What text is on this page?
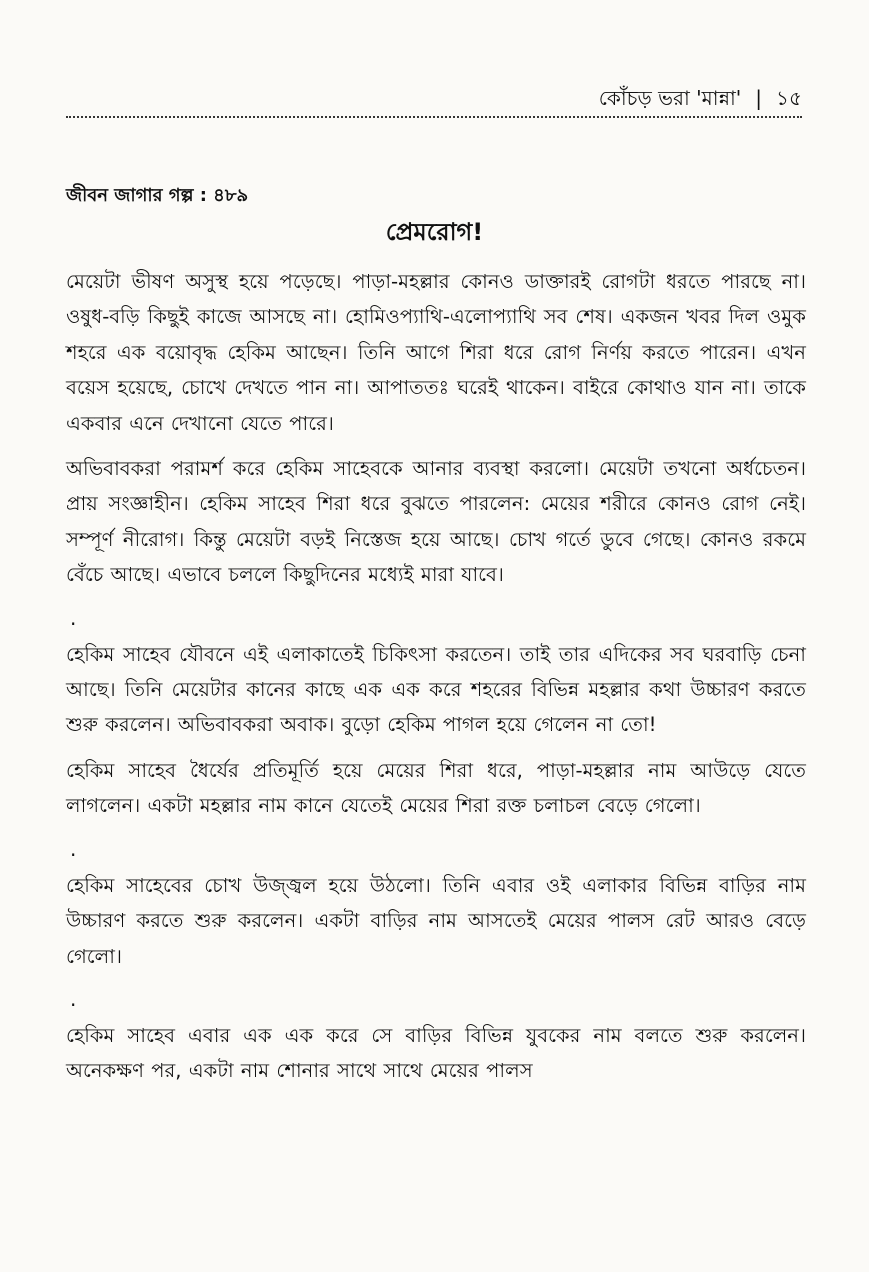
কোঁচড় ভরা 'মান্না' | ১৫
জীবন জাগার গল্প : ৪৮৯
প্রেমরোগ!

মেয়েটা ভীষণ অসুস্থ হয়ে পড়েছে। পাড়া-মহল্লার কোনও ডাক্তারই রোগটা ধরতে পারছে না। ওষুধ-বড়ি কিছুই কাজে আসছে না। হোমিওপ্যাথি-এলোপ্যাথি সব শেষ। একজন খবর দিল ওমুক শহরে এক বয়োবৃদ্ধ হেকিম আছেন। তিনি আগে শিরা ধরে রোগ নির্ণয় করতে পারেন। এখন বয়েস হয়েছে, চোখে দেখতে পান না। আপাততঃ ঘরেই থাকেন। বাইরে কোথাও যান না। তাকে একবার এনে দেখানো যেতে পারে।

অভিবাবকরা পরামর্শ করে হেকিম সাহেবকে আনার ব্যবস্থা করলো। মেয়েটা তখনো অর্ধচেতন। প্রায় সংজ্ঞাহীন। হেকিম সাহেব শিরা ধরে বুঝতে পারলেন: মেয়ের শরীরে কোনও রোগ নেই। সম্পূর্ণ নীরোগ। কিন্তু মেয়েটা বড়ই নিস্তেজ হয়ে আছে। চোখ গর্তে ডুবে গেছে। কোনও রকমে বেঁচে আছে। এভাবে চললে কিছুদিনের মধ্যেই মারা যাবে।

.

হেকিম সাহেব যৌবনে এই এলাকাতেই চিকিৎসা করতেন। তাই তার এদিকের সব ঘরবাড়ি চেনা আছে। তিনি মেয়েটার কানের কাছে এক এক করে শহরের বিভিন্ন মহল্লার কথা উচ্চারণ করতে শুরু করলেন। অভিবাবকরা অবাক। বুড়ো হেকিম পাগল হয়ে গেলেন না তো!

হেকিম সাহেব ধৈর্যের প্রতিমূর্তি হয়ে মেয়ের শিরা ধরে, পাড়া-মহল্লার নাম আউড়ে যেতে লাগলেন। একটা মহল্লার নাম কানে যেতেই মেয়ের শিরা রক্ত চলাচল বেড়ে গেলো।

.

হেকিম সাহেবের চোখ উজ্জ্বল হয়ে উঠলো। তিনি এবার ওই এলাকার বিভিন্ন বাড়ির নাম উচ্চারণ করতে শুরু করলেন। একটা বাড়ির নাম আসতেই মেয়ের পালস রেট আরও বেড়ে গেলো।

.

হেকিম সাহেব এবার এক এক করে সে বাড়ির বিভিন্ন যুবকের নাম বলতে শুরু করলেন। অনেকক্ষণ পর, একটা নাম শোনার সাথে সাথে মেয়ের পালস
